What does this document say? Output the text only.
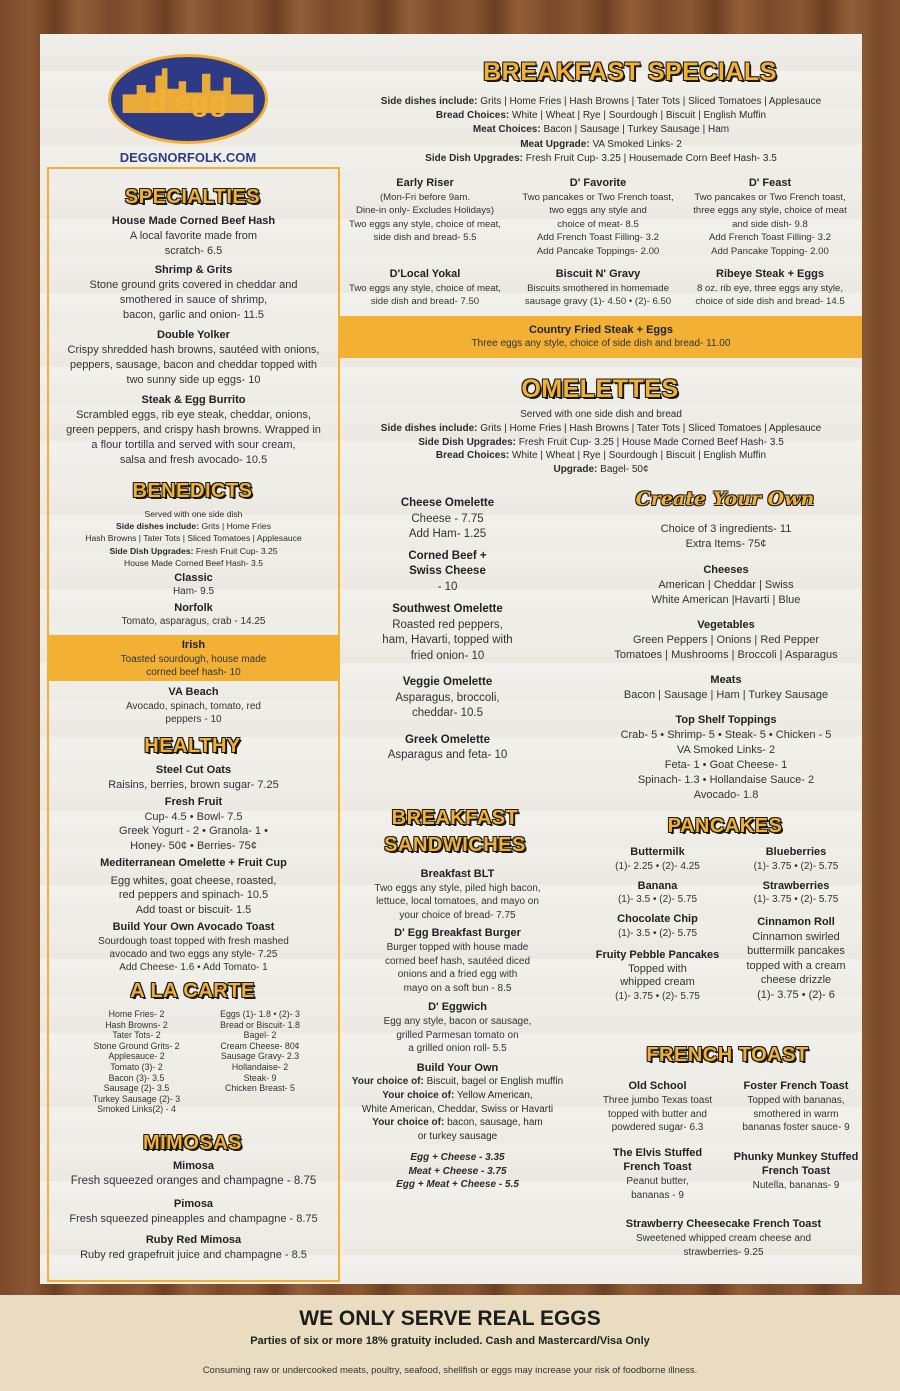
d'egg
DEGGNORFOLK.COM
BREAKFAST SPECIALS
Side dishes include: Grits | Home Fries | Hash Browns | Tater Tots | Sliced Tomatoes | Applesauce
Bread Choices: White | Wheat | Rye | Sourdough | Biscuit | English Muffin
Meat Choices: Bacon | Sausage | Turkey Sausage | Ham
Meat Upgrade: VA Smoked Links- 2
Side Dish Upgrades: Fresh Fruit Cup- 3.25 | Housemade Corn Beef Hash- 3.5
Early Riser
(Mon-Fri before 9am.
Dine-in only- Excludes Holidays)
Two eggs any style, choice of meat,
side dish and bread- 5.5
D' Favorite
Two pancakes or Two French toast,
two eggs any style and
choice of meat- 8.5
Add French Toast Filling- 3.2
Add Pancake Toppings- 2.00
D' Feast
Two pancakes or Two French toast,
three eggs any style, choice of meat
and side dish- 9.8
Add French Toast Filling- 3.2
Add Pancake Topping- 2.00
D'Local Yokal
Two eggs any style, choice of meat,
side dish and bread- 7.50
Biscuit N' Gravy
Biscuits smothered in homemade
sausage gravy (1)- 4.50 • (2)- 6.50
Ribeye Steak + Eggs
8 oz. rib eye, three eggs any style,
choice of side dish and bread- 14.5
Country Fried Steak + Eggs
Three eggs any style, choice of side dish and bread- 11.00
OMELETTES
Served with one side dish and bread
Side dishes include: Grits | Home Fries | Hash Browns | Tater Tots | Sliced Tomatoes | Applesauce
Side Dish Upgrades: Fresh Fruit Cup- 3.25 | House Made Corned Beef Hash- 3.5
Bread Choices: White | Wheat | Rye | Sourdough | Biscuit | English Muffin
Upgrade: Bagel- 50¢
Cheese Omelette
Cheese - 7.75
Add Ham- 1.25
Corned Beef +
Swiss Cheese
- 10
Southwest Omelette
Roasted red peppers,
ham, Havarti, topped with
fried onion- 10
Veggie Omelette
Asparagus, broccoli,
cheddar- 10.5
Greek Omelette
Asparagus and feta- 10
Create Your Own
Choice of 3 ingredients- 11
Extra Items- 75¢
Cheeses
American | Cheddar | Swiss
White American |Havarti | Blue
Vegetables
Green Peppers | Onions | Red Pepper
Tomatoes | Mushrooms | Broccoli | Asparagus
Meats
Bacon | Sausage | Ham | Turkey Sausage
Top Shelf Toppings
Crab- 5 • Shrimp- 5 • Steak- 5 • Chicken - 5
VA Smoked Links- 2
Feta- 1 • Goat Cheese- 1
Spinach- 1.3 • Hollandaise Sauce- 2
Avocado- 1.8
SPECIALTIES
House Made Corned Beef Hash
A local favorite made from
scratch- 6.5
Shrimp & Grits
Stone ground grits covered in cheddar and
smothered in sauce of shrimp,
bacon, garlic and onion- 11.5
Double Yolker
Crispy shredded hash browns, sautéed with onions,
peppers, sausage, bacon and cheddar topped with
two sunny side up eggs- 10
Steak & Egg Burrito
Scrambled eggs, rib eye steak, cheddar, onions,
green peppers, and crispy hash browns. Wrapped in
a flour tortilla and served with sour cream,
salsa and fresh avocado- 10.5
BENEDICTS
Served with one side dish
Side dishes include: Grits | Home Fries
Hash Browns | Tater Tots | Sliced Tomatoes | Applesauce
Side Dish Upgrades: Fresh Fruit Cup- 3.25
House Made Corned Beef Hash- 3.5
Classic
Ham- 9.5
Norfolk
Tomato, asparagus, crab - 14.25
Irish
Toasted sourdough, house made
corned beef hash- 10
VA Beach
Avocado, spinach, tomato, red
peppers - 10
HEALTHY
Steel Cut Oats
Raisins, berries, brown sugar- 7.25
Fresh Fruit
Cup- 4.5 • Bowl- 7.5
Greek Yogurt - 2 • Granola- 1 •
Honey- 50¢ • Berries- 75¢
Mediterranean Omelette + Fruit Cup
Egg whites, goat cheese, roasted,
red peppers and spinach- 10.5
Add toast or biscuit- 1.5
Build Your Own Avocado Toast
Sourdough toast topped with fresh mashed
avocado and two eggs any style- 7.25
Add Cheese- 1.6 • Add Tomato- 1
A LA CARTE
Home Fries- 2
Hash Browns- 2
Tater Tots- 2
Stone Ground Grits- 2
Applesauce- 2
Tomato (3)- 2
Bacon (3)- 3.5
Sausage (2)- 3.5
Turkey Sausage (2)- 3
Smoked Links(2) - 4
Eggs (1)- 1.8 • (2)- 3
Bread or Biscuit- 1.8
Bagel- 2
Cream Cheese- 80¢
Sausage Gravy- 2.3
Hollandaise- 2
Steak- 9
Chicken Breast- 5
MIMOSAS
Mimosa
Fresh squeezed oranges and champagne - 8.75
Pimosa
Fresh squeezed pineapples and champagne - 8.75
Ruby Red Mimosa
Ruby red grapefruit juice and champagne - 8.5
BREAKFAST
SANDWICHES
Breakfast BLT
Two eggs any style, piled high bacon,
lettuce, local tomatoes, and mayo on
your choice of bread- 7.75
D' Egg Breakfast Burger
Burger topped with house made
corned beef hash, sautéed diced
onions and a fried egg with
mayo on a soft bun - 8.5
D' Eggwich
Egg any style, bacon or sausage,
grilled Parmesan tomato on
a grilled onion roll- 5.5
Build Your Own
Your choice of: Biscuit, bagel or English muffin
Your choice of: Yellow American,
White American, Cheddar, Swiss or Havarti
Your choice of: bacon, sausage, ham
or turkey sausage
Egg + Cheese - 3.35
Meat + Cheese - 3.75
Egg + Meat + Cheese - 5.5
PANCAKES
Buttermilk
(1)- 2.25 • (2)- 4.25
Banana
(1)- 3.5 • (2)- 5.75
Chocolate Chip
(1)- 3.5 • (2)- 5.75
Fruity Pebble Pancakes
Topped with
whipped cream
(1)- 3.75 • (2)- 5.75
Blueberries
(1)- 3.75 • (2)- 5.75
Strawberries
(1)- 3.75 • (2)- 5.75
Cinnamon Roll
Cinnamon swirled
buttermilk pancakes
topped with a cream
cheese drizzle
(1)- 3.75 • (2)- 6
FRENCH TOAST
Old School
Three jumbo Texas toast
topped with butter and
powdered sugar- 6.3
The Elvis Stuffed
French Toast
Peanut butter,
bananas - 9
Foster French Toast
Topped with bananas,
smothered in warm
bananas foster sauce- 9
Phunky Munkey Stuffed
French Toast
Nutella, bananas- 9
Strawberry Cheesecake French Toast
Sweetened whipped cream cheese and
strawberries- 9.25
WE ONLY SERVE REAL EGGS
Parties of six or more 18% gratuity included. Cash and Mastercard/Visa Only
Consuming raw or undercooked meats, poultry, seafood, shellfish or eggs may increase your risk of foodborne illness.
